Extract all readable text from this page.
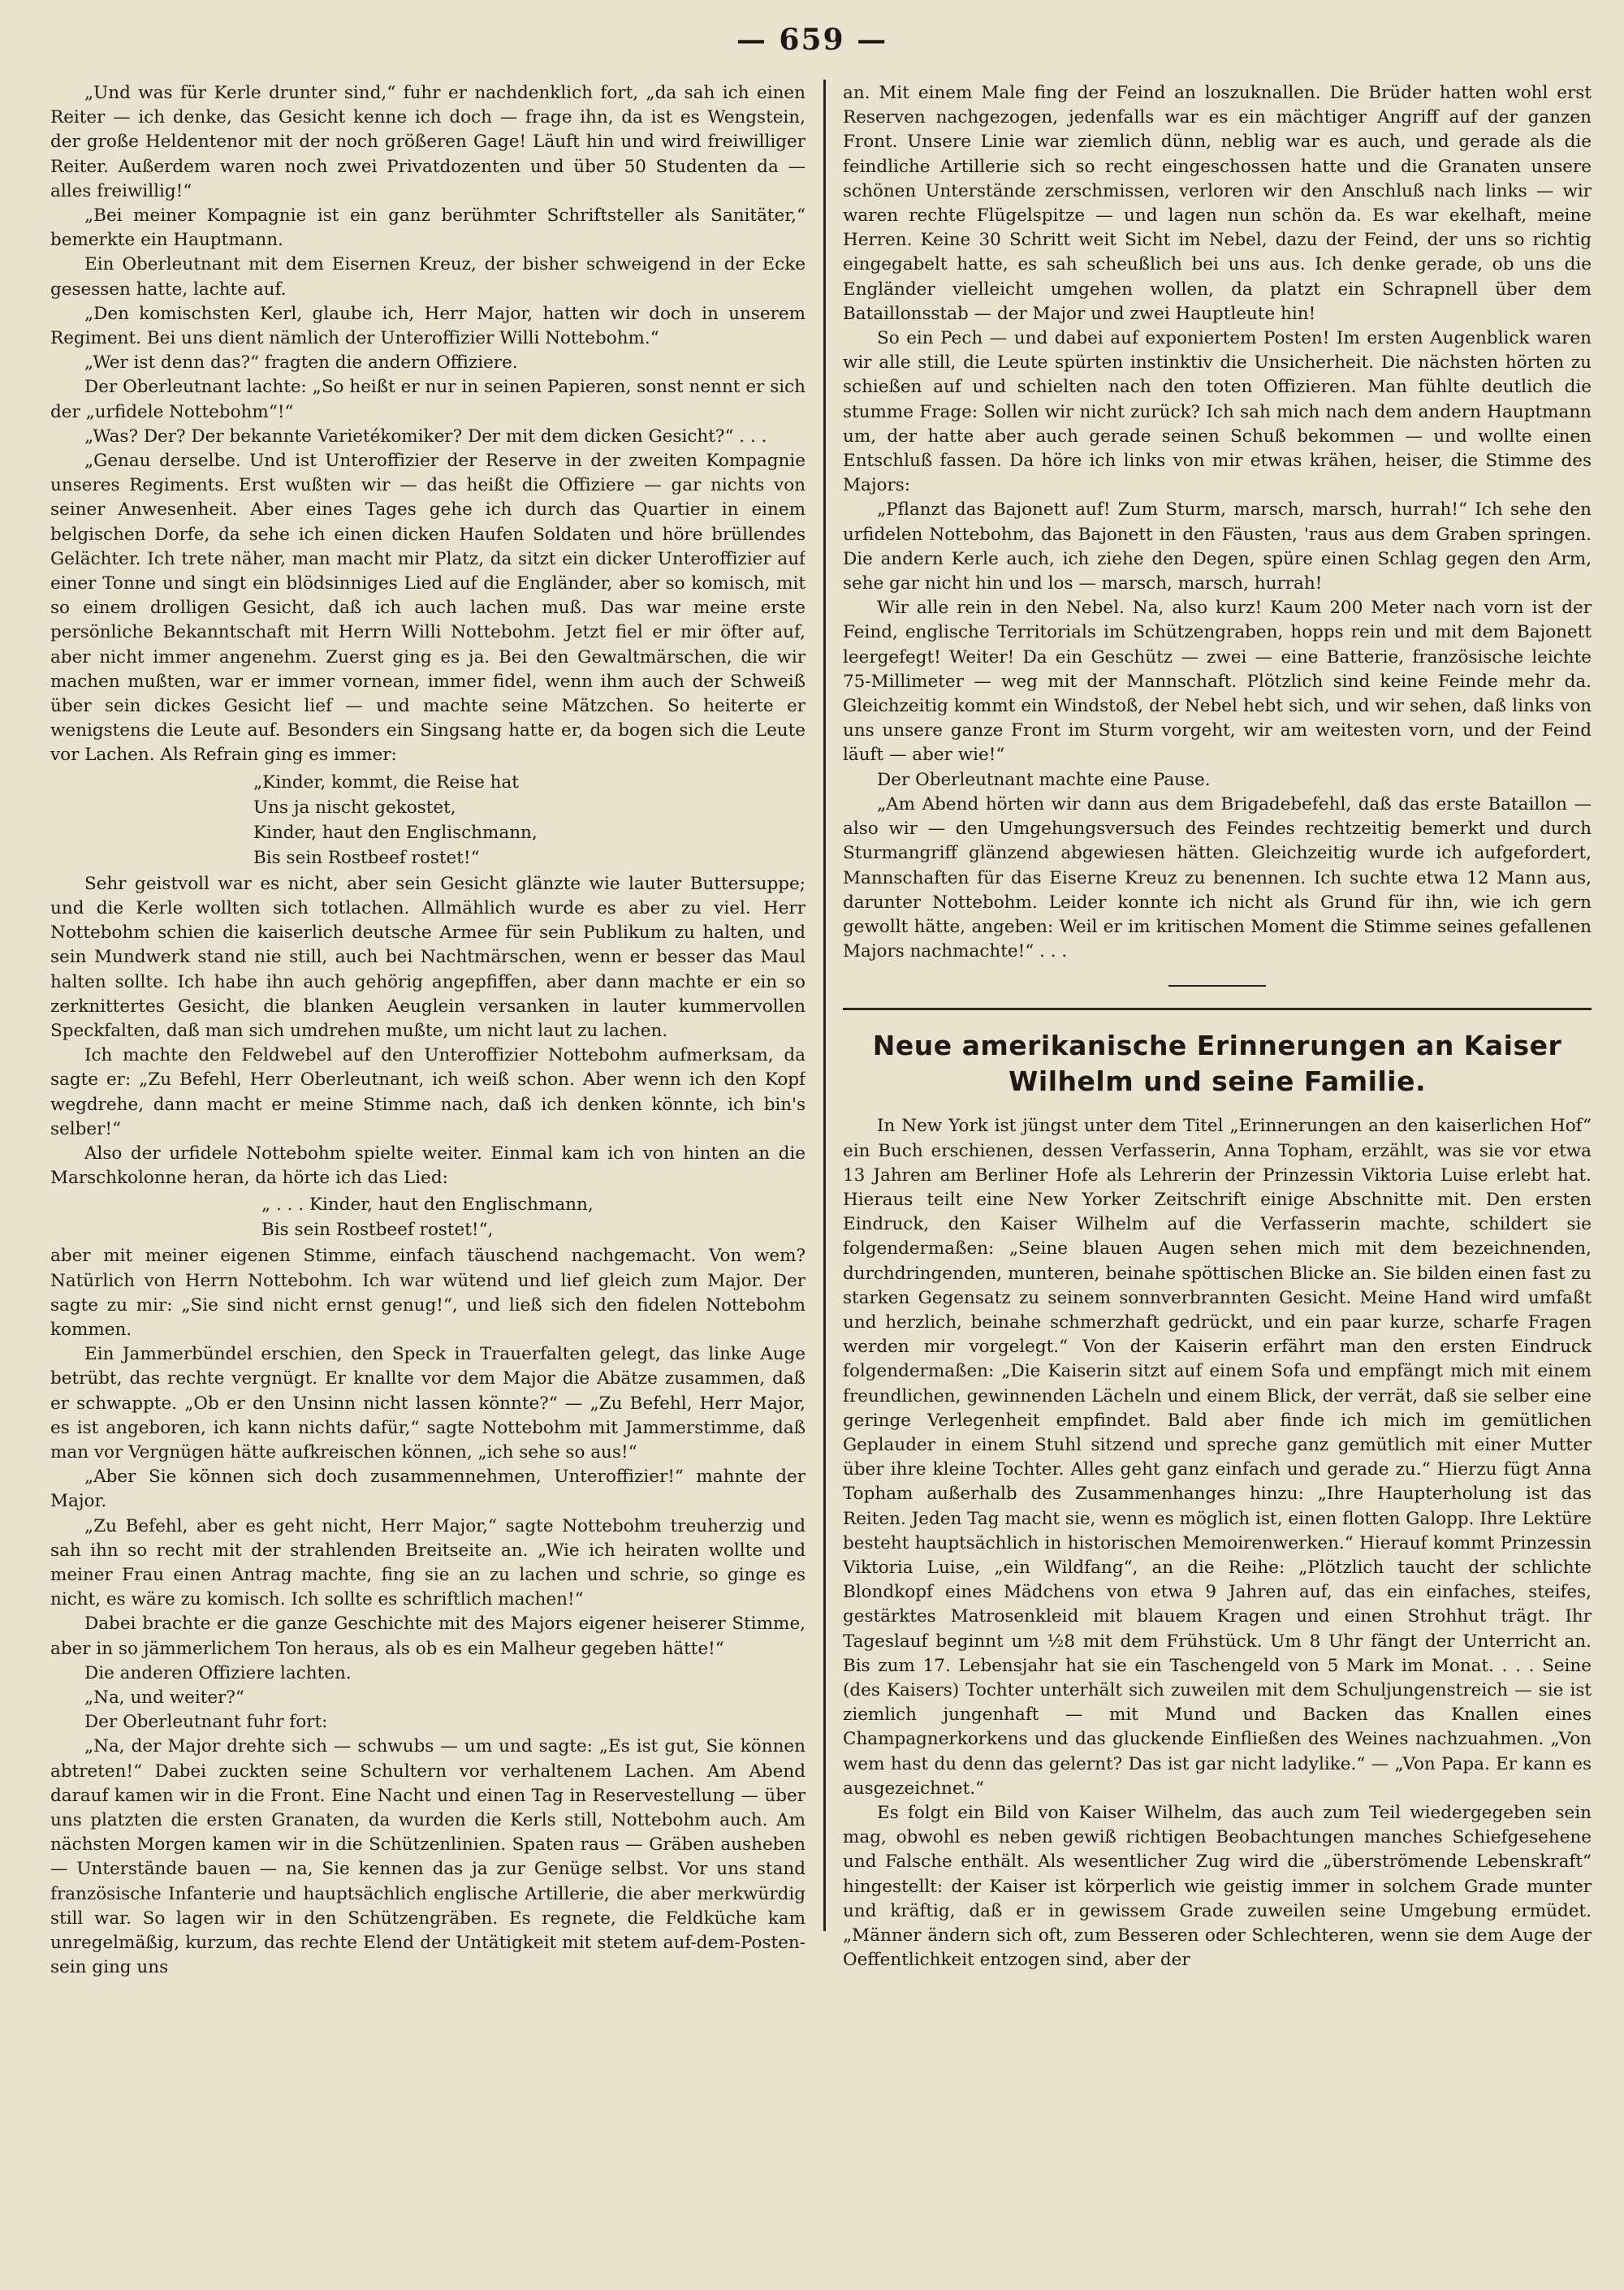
— 659 —

„Und was für Kerle drunter sind,“ fuhr er nachdenklich fort, „da sah ich einen Reiter — ich denke, das Gesicht kenne ich doch — frage ihn, da ist es Wengstein, der große Heldentenor mit der noch größeren Gage! Läuft hin und wird freiwilliger Reiter. Außerdem waren noch zwei Privatdozenten und über 50 Studenten da — alles freiwillig!“

„Bei meiner Kompagnie ist ein ganz berühmter Schriftsteller als Sanitäter,“ bemerkte ein Hauptmann.

Ein Oberleutnant mit dem Eisernen Kreuz, der bisher schweigend in der Ecke gesessen hatte, lachte auf.

„Den komischsten Kerl, glaube ich, Herr Major, hatten wir doch in unserem Regiment. Bei uns dient nämlich der Unteroffizier Willi Nottebohm.“

„Wer ist denn das?“ fragten die andern Offiziere.

Der Oberleutnant lachte: „So heißt er nur in seinen Papieren, sonst nennt er sich der „urfidele Nottebohm“!“

„Was? Der? Der bekannte Varietékomiker? Der mit dem dicken Gesicht?“ . . .

„Genau derselbe. Und ist Unteroffizier der Reserve in der zweiten Kompagnie unseres Regiments. Erst wußten wir — das heißt die Offiziere — gar nichts von seiner Anwesenheit. Aber eines Tages gehe ich durch das Quartier in einem belgischen Dorfe, da sehe ich einen dicken Haufen Soldaten und höre brüllendes Gelächter. Ich trete näher, man macht mir Platz, da sitzt ein dicker Unteroffizier auf einer Tonne und singt ein blödsinniges Lied auf die Engländer, aber so komisch, mit so einem drolligen Gesicht, daß ich auch lachen muß. Das war meine erste persönliche Bekanntschaft mit Herrn Willi Nottebohm. Jetzt fiel er mir öfter auf, aber nicht immer angenehm. Zuerst ging es ja. Bei den Gewaltmärschen, die wir machen mußten, war er immer vornean, immer fidel, wenn ihm auch der Schweiß über sein dickes Gesicht lief — und machte seine Mätzchen. So heiterte er wenigstens die Leute auf. Besonders ein Singsang hatte er, da bogen sich die Leute vor Lachen. Als Refrain ging es immer:

„Kinder, kommt, die Reise hat
Uns ja nischt gekostet,
Kinder, haut den Englischmann,
Bis sein Rostbeef rostet!“

Sehr geistvoll war es nicht, aber sein Gesicht glänzte wie lauter Buttersuppe; und die Kerle wollten sich totlachen. Allmählich wurde es aber zu viel. Herr Nottebohm schien die kaiserlich deutsche Armee für sein Publikum zu halten, und sein Mundwerk stand nie still, auch bei Nachtmärschen, wenn er besser das Maul halten sollte. Ich habe ihn auch gehörig angepfiffen, aber dann machte er ein so zerknittertes Gesicht, die blanken Aeuglein versanken in lauter kummervollen Speckfalten, daß man sich umdrehen mußte, um nicht laut zu lachen.

Ich machte den Feldwebel auf den Unteroffizier Nottebohm aufmerksam, da sagte er: „Zu Befehl, Herr Oberleutnant, ich weiß schon. Aber wenn ich den Kopf wegdrehe, dann macht er meine Stimme nach, daß ich denken könnte, ich bin's selber!“

Also der urfidele Nottebohm spielte weiter. Einmal kam ich von hinten an die Marschkolonne heran, da hörte ich das Lied:

„ . . . Kinder, haut den Englischmann,
Bis sein Rostbeef rostet!“,

aber mit meiner eigenen Stimme, einfach täuschend nachgemacht. Von wem? Natürlich von Herrn Nottebohm. Ich war wütend und lief gleich zum Major. Der sagte zu mir: „Sie sind nicht ernst genug!“, und ließ sich den fidelen Nottebohm kommen.

Ein Jammerbündel erschien, den Speck in Trauerfalten gelegt, das linke Auge betrübt, das rechte vergnügt. Er knallte vor dem Major die Abätze zusammen, daß er schwappte. „Ob er den Unsinn nicht lassen könnte?“ — „Zu Befehl, Herr Major, es ist angeboren, ich kann nichts dafür,“ sagte Nottebohm mit Jammerstimme, daß man vor Vergnügen hätte aufkreischen können, „ich sehe so aus!“

„Aber Sie können sich doch zusammennehmen, Unteroffizier!“ mahnte der Major.

„Zu Befehl, aber es geht nicht, Herr Major,“ sagte Nottebohm treuherzig und sah ihn so recht mit der strahlenden Breitseite an. „Wie ich heiraten wollte und meiner Frau einen Antrag machte, fing sie an zu lachen und schrie, so ginge es nicht, es wäre zu komisch. Ich sollte es schriftlich machen!“

Dabei brachte er die ganze Geschichte mit des Majors eigener heiserer Stimme, aber in so jämmerlichem Ton heraus, als ob es ein Malheur gegeben hätte!“

Die anderen Offiziere lachten.

„Na, und weiter?“

Der Oberleutnant fuhr fort:

„Na, der Major drehte sich — schwubs — um und sagte: „Es ist gut, Sie können abtreten!“ Dabei zuckten seine Schultern vor verhaltenem Lachen. Am Abend darauf kamen wir in die Front. Eine Nacht und einen Tag in Reservestellung — über uns platzten die ersten Granaten, da wurden die Kerls still, Nottebohm auch. Am nächsten Morgen kamen wir in die Schützenlinien. Spaten raus — Gräben ausheben — Unterstände bauen — na, Sie kennen das ja zur Genüge selbst. Vor uns stand französische Infanterie und hauptsächlich englische Artillerie, die aber merkwürdig still war. So lagen wir in den Schützengräben. Es regnete, die Feldküche kam unregelmäßig, kurzum, das rechte Elend der Untätigkeit mit stetem auf-dem-Posten-sein ging uns

an. Mit einem Male fing der Feind an loszuknallen. Die Brüder hatten wohl erst Reserven nachgezogen, jedenfalls war es ein mächtiger Angriff auf der ganzen Front. Unsere Linie war ziemlich dünn, neblig war es auch, und gerade als die feindliche Artillerie sich so recht eingeschossen hatte und die Granaten unsere schönen Unterstände zerschmissen, verloren wir den Anschluß nach links — wir waren rechte Flügelspitze — und lagen nun schön da. Es war ekelhaft, meine Herren. Keine 30 Schritt weit Sicht im Nebel, dazu der Feind, der uns so richtig eingegabelt hatte, es sah scheußlich bei uns aus. Ich denke gerade, ob uns die Engländer vielleicht umgehen wollen, da platzt ein Schrapnell über dem Bataillonsstab — der Major und zwei Hauptleute hin!

So ein Pech — und dabei auf exponiertem Posten! Im ersten Augenblick waren wir alle still, die Leute spürten instinktiv die Unsicherheit. Die nächsten hörten zu schießen auf und schielten nach den toten Offizieren. Man fühlte deutlich die stumme Frage: Sollen wir nicht zurück? Ich sah mich nach dem andern Hauptmann um, der hatte aber auch gerade seinen Schuß bekommen — und wollte einen Entschluß fassen. Da höre ich links von mir etwas krähen, heiser, die Stimme des Majors:

„Pflanzt das Bajonett auf! Zum Sturm, marsch, marsch, hurrah!“ Ich sehe den urfidelen Nottebohm, das Bajonett in den Fäusten, 'raus aus dem Graben springen. Die andern Kerle auch, ich ziehe den Degen, spüre einen Schlag gegen den Arm, sehe gar nicht hin und los — marsch, marsch, hurrah!

Wir alle rein in den Nebel. Na, also kurz! Kaum 200 Meter nach vorn ist der Feind, englische Territorials im Schützengraben, hopps rein und mit dem Bajonett leergefegt! Weiter! Da ein Geschütz — zwei — eine Batterie, französische leichte 75-Millimeter — weg mit der Mannschaft. Plötzlich sind keine Feinde mehr da. Gleichzeitig kommt ein Windstoß, der Nebel hebt sich, und wir sehen, daß links von uns unsere ganze Front im Sturm vorgeht, wir am weitesten vorn, und der Feind läuft — aber wie!“

Der Oberleutnant machte eine Pause.

„Am Abend hörten wir dann aus dem Brigadebefehl, daß das erste Bataillon — also wir — den Umgehungsversuch des Feindes rechtzeitig bemerkt und durch Sturmangriff glänzend abgewiesen hätten. Gleichzeitig wurde ich aufgefordert, Mannschaften für das Eiserne Kreuz zu benennen. Ich suchte etwa 12 Mann aus, darunter Nottebohm. Leider konnte ich nicht als Grund für ihn, wie ich gern gewollt hätte, angeben: Weil er im kritischen Moment die Stimme seines gefallenen Majors nachmachte!“ . . .

Neue amerikanische Erinnerungen an Kaiser Wilhelm und seine Familie.

In New York ist jüngst unter dem Titel „Erinnerungen an den kaiserlichen Hof“ ein Buch erschienen, dessen Verfasserin, Anna Topham, erzählt, was sie vor etwa 13 Jahren am Berliner Hofe als Lehrerin der Prinzessin Viktoria Luise erlebt hat. Hieraus teilt eine New Yorker Zeitschrift einige Abschnitte mit. Den ersten Eindruck, den Kaiser Wilhelm auf die Verfasserin machte, schildert sie folgendermaßen: „Seine blauen Augen sehen mich mit dem bezeichnenden, durchdringenden, munteren, beinahe spöttischen Blicke an. Sie bilden einen fast zu starken Gegensatz zu seinem sonnverbrannten Gesicht. Meine Hand wird umfaßt und herzlich, beinahe schmerzhaft gedrückt, und ein paar kurze, scharfe Fragen werden mir vorgelegt.“ Von der Kaiserin erfährt man den ersten Eindruck folgendermaßen: „Die Kaiserin sitzt auf einem Sofa und empfängt mich mit einem freundlichen, gewinnenden Lächeln und einem Blick, der verrät, daß sie selber eine geringe Verlegenheit empfindet. Bald aber finde ich mich im gemütlichen Geplauder in einem Stuhl sitzend und spreche ganz gemütlich mit einer Mutter über ihre kleine Tochter. Alles geht ganz einfach und gerade zu.“ Hierzu fügt Anna Topham außerhalb des Zusammenhanges hinzu: „Ihre Haupterholung ist das Reiten. Jeden Tag macht sie, wenn es möglich ist, einen flotten Galopp. Ihre Lektüre besteht hauptsächlich in historischen Memoirenwerken.“ Hierauf kommt Prinzessin Viktoria Luise, „ein Wildfang“, an die Reihe: „Plötzlich taucht der schlichte Blondkopf eines Mädchens von etwa 9 Jahren auf, das ein einfaches, steifes, gestärktes Matrosenkleid mit blauem Kragen und einen Strohhut trägt. Ihr Tageslauf beginnt um ½8 mit dem Frühstück. Um 8 Uhr fängt der Unterricht an. Bis zum 17. Lebensjahr hat sie ein Taschengeld von 5 Mark im Monat. . . . Seine (des Kaisers) Tochter unterhält sich zuweilen mit dem Schuljungenstreich — sie ist ziemlich jungenhaft — mit Mund und Backen das Knallen eines Champagnerkorkens und das gluckende Einfließen des Weines nachzuahmen. „Von wem hast du denn das gelernt? Das ist gar nicht ladylike.“ — „Von Papa. Er kann es ausgezeichnet.“

Es folgt ein Bild von Kaiser Wilhelm, das auch zum Teil wiedergegeben sein mag, obwohl es neben gewiß richtigen Beobachtungen manches Schiefgesehene und Falsche enthält. Als wesentlicher Zug wird die „überströmende Lebenskraft“ hingestellt: der Kaiser ist körperlich wie geistig immer in solchem Grade munter und kräftig, daß er in gewissem Grade zuweilen seine Umgebung ermüdet. „Männer ändern sich oft, zum Besseren oder Schlechteren, wenn sie dem Auge der Oeffentlichkeit entzogen sind, aber der
